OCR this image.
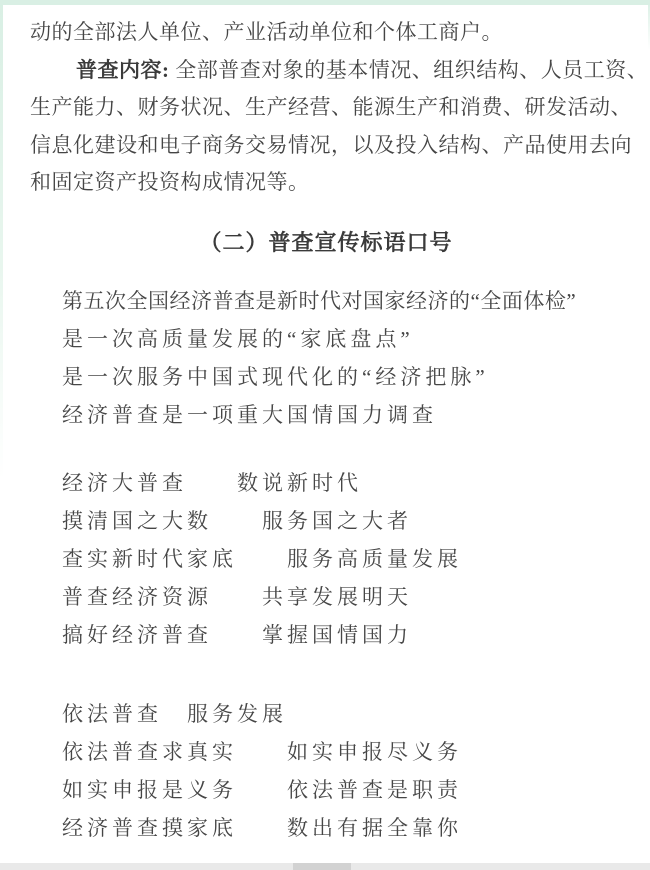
动的全部法人单位、产业活动单位和个体工商户。

普查内容: 全部普查对象的基本情况、组织结构、人员工资、

生产能力、财务状况、生产经营、能源生产和消费、研发活动、

信息化建设和电子商务交易情况，以及投入结构、产品使用去向

和固定资产投资构成情况等。

（二）普查宣传标语口号

第五次全国经济普查是新时代对国家经济的“全面体检”

是一次高质量发展的“家底盘点”

是一次服务中国式现代化的“经济把脉”

经济普查是一项重大国情国力调查

经济大普查　　数说新时代

摸清国之大数　　服务国之大者

查实新时代家底　　服务高质量发展

普查经济资源　　共享发展明天

搞好经济普查　　掌握国情国力

依法普查　服务发展

依法普查求真实　　如实申报尽义务

如实申报是义务　　依法普查是职责

经济普查摸家底　　数出有据全靠你
